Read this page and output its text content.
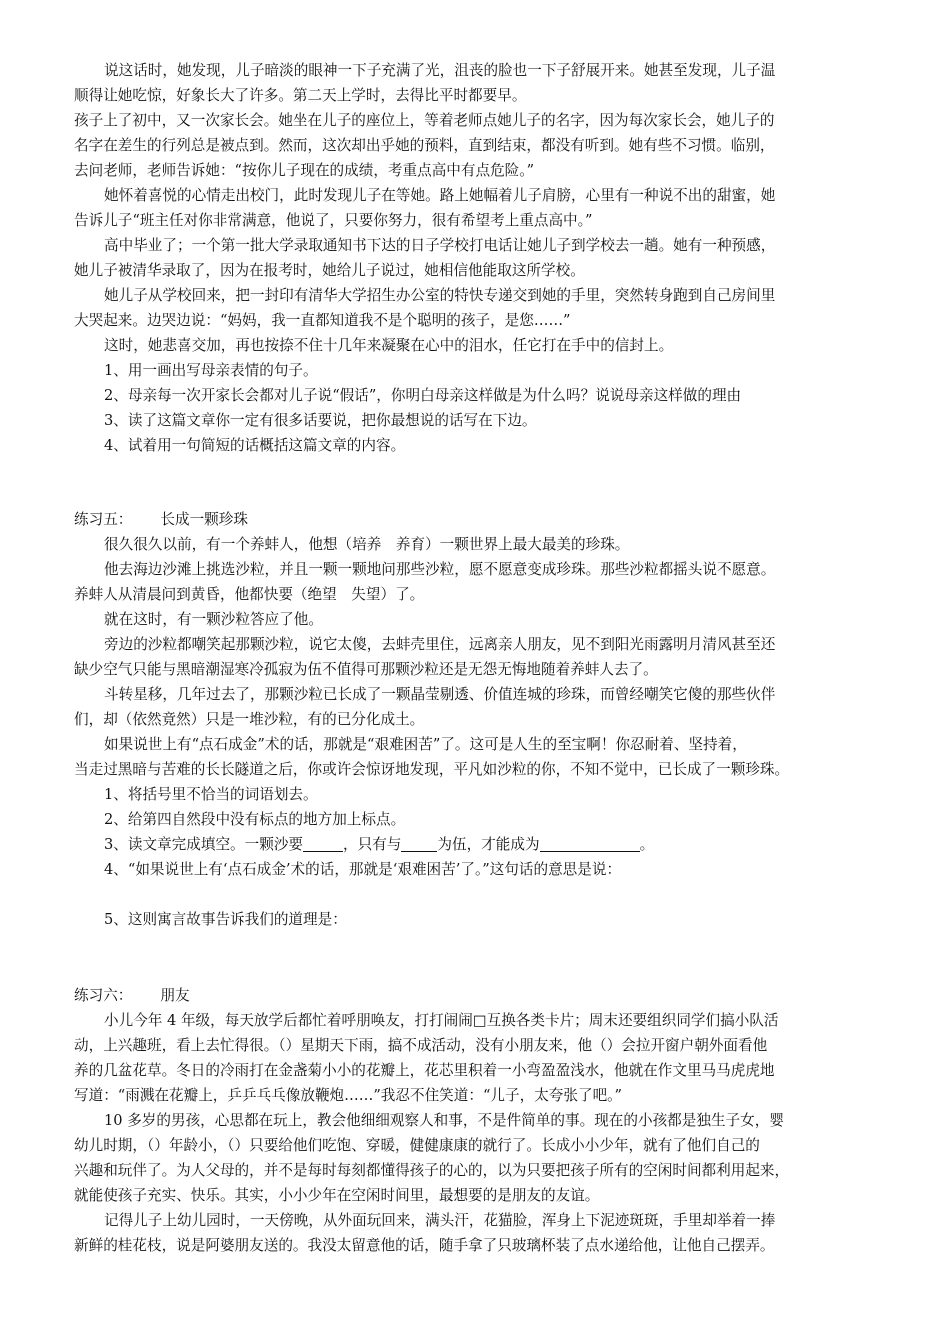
说这话时，她发现，儿子暗淡的眼神一下子充满了光，沮丧的脸也一下子舒展开来。她甚至发现，儿子温

顺得让她吃惊，好象长大了许多。第二天上学时，去得比平时都要早。

孩子上了初中，又一次家长会。她坐在儿子的座位上，等着老师点她儿子的名字，因为每次家长会，她儿子的

名字在差生的行列总是被点到。然而，这次却出乎她的预料，直到结束，都没有听到。她有些不习惯。临别，

去问老师，老师告诉她：“按你儿子现在的成绩，考重点高中有点危险。”

她怀着喜悦的心情走出校门，此时发现儿子在等她。路上她幅着儿子肩膀，心里有一种说不出的甜蜜，她

告诉儿子“班主任对你非常满意，他说了，只要你努力，很有希望考上重点高中。”

高中毕业了；一个第一批大学录取通知书下达的日子学校打电话让她儿子到学校去一趟。她有一种预感，

她儿子被清华录取了，因为在报考时，她给儿子说过，她相信他能取这所学校。

她儿子从学校回来，把一封印有清华大学招生办公室的特快专递交到她的手里，突然转身跑到自己房间里

大哭起来。边哭边说：“妈妈，我一直都知道我不是个聪明的孩子，是您……”

这时，她悲喜交加，再也按捺不住十几年来凝聚在心中的泪水，任它打在手中的信封上。

1、用一画出写母亲表情的句子。

2、母亲每一次开家长会都对儿子说“假话”，你明白母亲这样做是为什么吗？说说母亲这样做的理由

3、读了这篇文章你一定有很多话要说，把你最想说的话写在下边。

4、试着用一句简短的话概括这篇文章的内容。

练习五： 长成一颗珍珠

很久很久以前，有一个养蚌人，他想（培养　养育）一颗世界上最大最美的珍珠。

他去海边沙滩上挑选沙粒，并且一颗一颗地问那些沙粒，愿不愿意变成珍珠。那些沙粒都摇头说不愿意。

养蚌人从清晨问到黄昏，他都快要（绝望　失望）了。

就在这时，有一颗沙粒答应了他。

旁边的沙粒都嘲笑起那颗沙粒，说它太傻，去蚌壳里住，远离亲人朋友，见不到阳光雨露明月清风甚至还

缺少空气只能与黑暗潮湿寒冷孤寂为伍不值得可那颗沙粒还是无怨无悔地随着养蚌人去了。

斗转星移，几年过去了，那颗沙粒已长成了一颗晶莹剔透、价值连城的珍珠，而曾经嘲笑它傻的那些伙伴

们，却（依然竟然）只是一堆沙粒，有的已分化成土。

如果说世上有“点石成金”术的话，那就是“艰难困苦”了。这可是人生的至宝啊！你忍耐着、坚持着，

当走过黑暗与苦难的长长隧道之后，你或许会惊讶地发现，平凡如沙粒的你，不知不觉中，已长成了一颗珍珠。

1、将括号里不恰当的词语划去。

2、给第四自然段中没有标点的地方加上标点。

3、读文章完成填空。一颗沙要	，只有与 为伍，才能成为	。

4、“如果说世上有‘点石成金’术的话，那就是‘艰难困苦’了。”这句话的意思是说：

5、这则寓言故事告诉我们的道理是：

练习六： 朋友

小儿今年 4 年级，每天放学后都忙着呼朋唤友，打打闹闹□互换各类卡片；周末还要组织同学们搞小队活

动，上兴趣班，看上去忙得很。（）星期天下雨，搞不成活动，没有小朋友来，他（）会拉开窗户朝外面看他

养的几盆花草。冬日的冷雨打在金盏菊小小的花瓣上，花芯里积着一小弯盈盈浅水，他就在作文里马马虎虎地

写道：“雨溅在花瓣上，乒乒乓乓像放鞭炮……”我忍不住笑道：“儿子，太夸张了吧。”

10 多岁的男孩，心思都在玩上，教会他细细观察人和事，不是件简单的事。现在的小孩都是独生子女，婴

幼儿时期，（）年龄小，（）只要给他们吃饱、穿暖，健健康康的就行了。长成小小少年，就有了他们自己的

兴趣和玩伴了。为人父母的，并不是每时每刻都懂得孩子的心的，以为只要把孩子所有的空闲时间都利用起来，

就能使孩子充实、快乐。其实，小小少年在空闲时间里，最想要的是朋友的友谊。

记得儿子上幼儿园时，一天傍晚，从外面玩回来，满头汗，花猫脸，浑身上下泥迹斑斑，手里却举着一捧

新鲜的桂花枝，说是阿婆朋友送的。我没太留意他的话，随手拿了只玻璃杯装了点水递给他，让他自己摆弄。
